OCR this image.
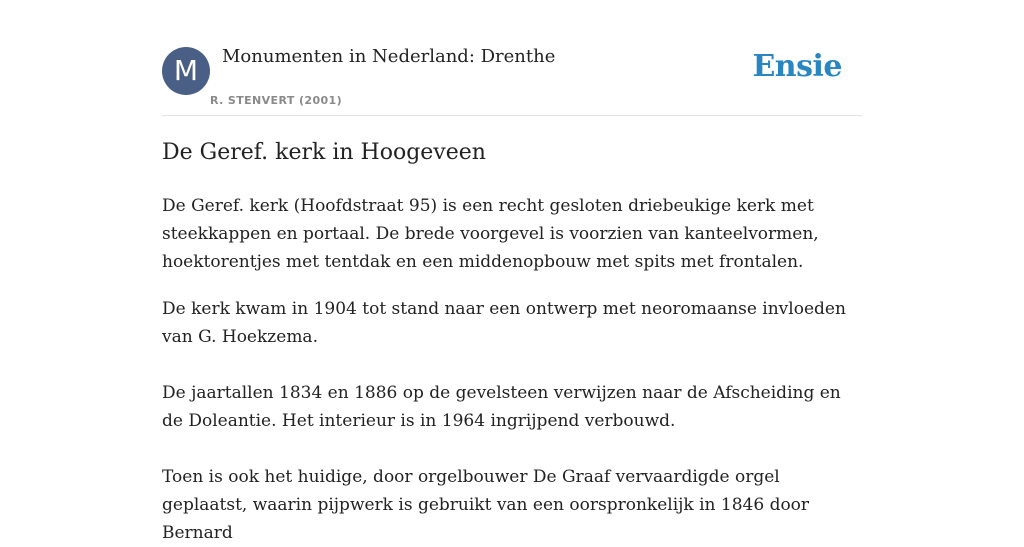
M	Monumenten in Nederland: Drenthe
R. STENVERT (2001)
Ensie
De Geref. kerk in Hoogeveen

De Geref. kerk (Hoofdstraat 95) is een recht gesloten driebeukige kerk met steekkappen en portaal. De brede voorgevel is voorzien van kanteelvormen, hoektorentjes met tentdak en een middenopbouw met spits met frontalen.

De kerk kwam in 1904 tot stand naar een ontwerp met neoromaanse invloeden van G. Hoekzema.

De jaartallen 1834 en 1886 op de gevelsteen verwijzen naar de Afscheiding en de Doleantie. Het interieur is in 1964 ingrijpend verbouwd.

Toen is ook het huidige, door orgelbouwer De Graaf vervaardigde orgel geplaatst, waarin pijpwerk is gebruikt van een oorspronkelijk in 1846 door Bernard
